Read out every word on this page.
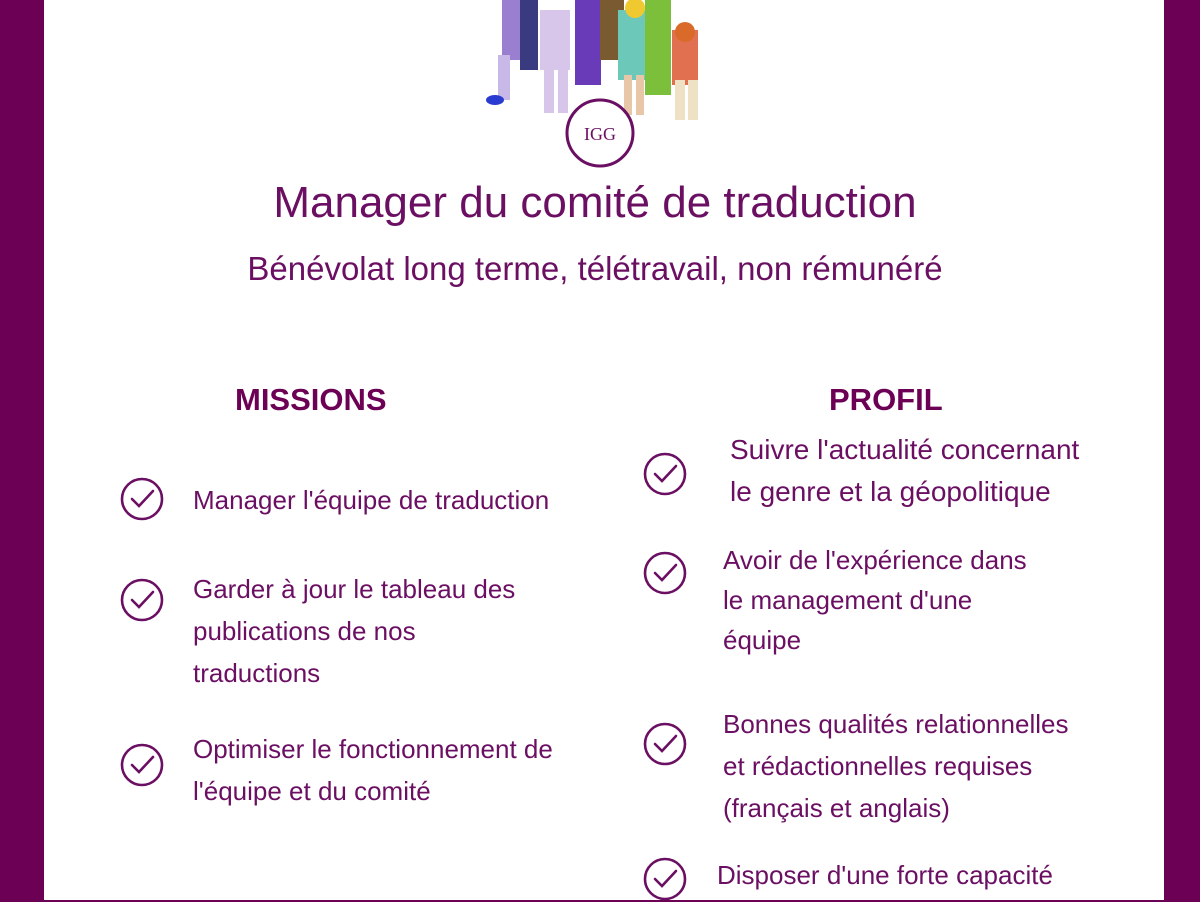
IGG
Manager du comité de traduction

Bénévolat long terme, télétravail, non rémunéré

MISSIONS

Manager l'équipe de traduction

Garder à jour le tableau des
publications de nos
traductions

Optimiser le fonctionnement de
l'équipe et du comité

PROFIL

Suivre l'actualité concernant
le genre et la géopolitique

Avoir de l'expérience dans
le management d'une
équipe

Bonnes qualités relationnelles
et rédactionnelles requises
(français et anglais)

Disposer d'une forte capacité
